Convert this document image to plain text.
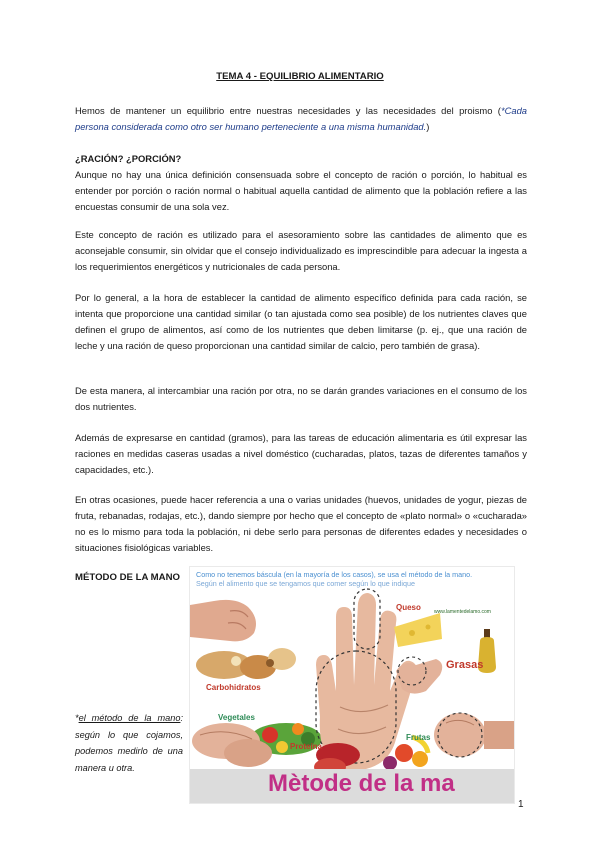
TEMA 4 - EQUILIBRIO ALIMENTARIO

Hemos de mantener un equilibrio entre nuestras necesidades y las necesidades del proismo (*Cada persona considerada como otro ser humano perteneciente a una misma humanidad.)

¿RACIÓN? ¿PORCIÓN?
Aunque no hay una única definición consensuada sobre el concepto de ración o porción, lo habitual es entender por porción o ración normal o habitual aquella cantidad de alimento que la población refiere a las encuestas consumir de una sola vez.

Este concepto de ración es utilizado para el asesoramiento sobre las cantidades de alimento que es aconsejable consumir, sin olvidar que el consejo individualizado es imprescindible para adecuar la ingesta a los requerimientos energéticos y nutricionales de cada persona.

Por lo general, a la hora de establecer la cantidad de alimento específico definida para cada ración, se intenta que proporcione una cantidad similar (o tan ajustada como sea posible) de los nutrientes claves que definen el grupo de alimentos, así como de los nutrientes que deben limitarse (p. ej., que una ración de leche y una ración de queso proporcionan una cantidad similar de calcio, pero también de grasa).

De esta manera, al intercambiar una ración por otra, no se darán grandes variaciones en el consumo de los dos nutrientes.

Además de expresarse en cantidad (gramos), para las tareas de educación alimentaria es útil expresar las raciones en medidas caseras usadas a nivel doméstico (cucharadas, platos, tazas de diferentes tamaños y capacidades, etc.).

En otras ocasiones, puede hacer referencia a una o varias unidades (huevos, unidades de yogur, piezas de fruta, rebanadas, rodajas, etc.), dando siempre por hecho que el concepto de «plato normal» o «cucharada» no es lo mismo para toda la población, ni debe serlo para personas de diferentes edades y necesidades o situaciones fisiológicas variables.

MÉTODO DE LA MANO
*el método de la mano: según lo que cojamos, podemos medirlo de una manera u otra.
Como no tenemos báscula (en la mayoría de los casos), se usa el método de la mano.
Según el alimento que se tengamos que comer según lo que indique
Queso	www.lamentedelamo.com
Grasas
Carbohidratos
Vegetales
Proteína
Frutas
Mètode de la ma
1
